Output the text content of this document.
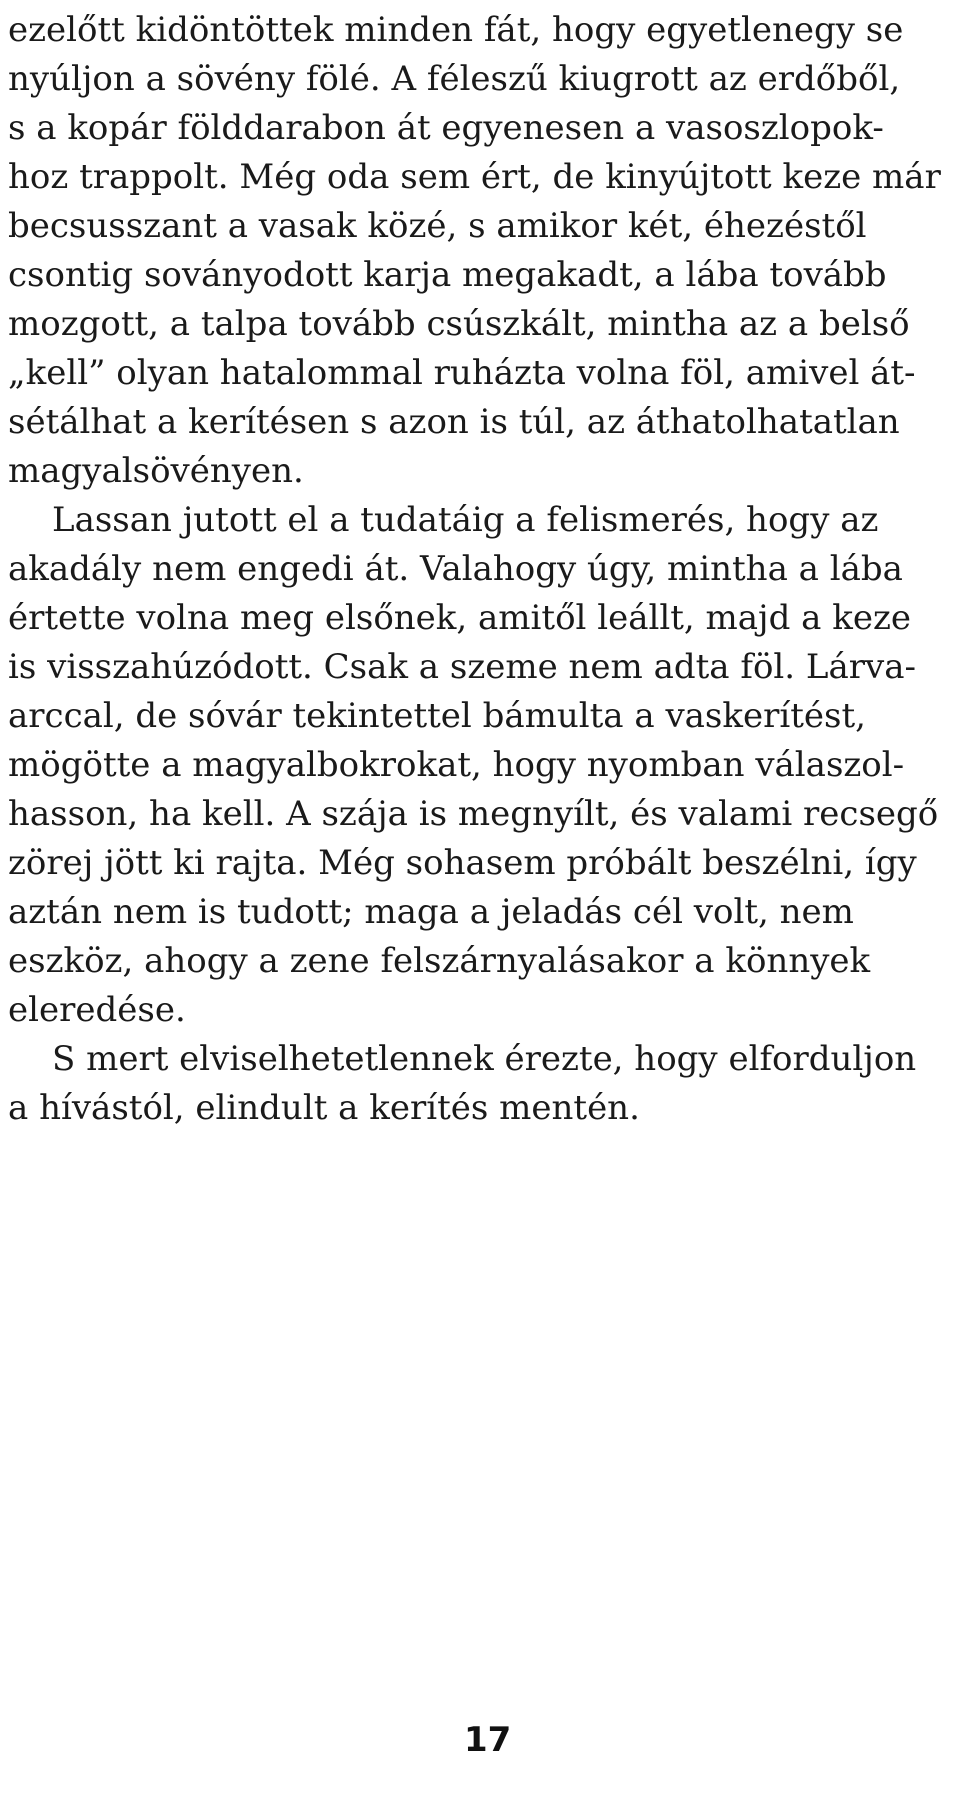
ezelőtt kidöntöttek minden fát, hogy egyetlenegy se
nyúljon a sövény fölé. A féleszű kiugrott az erdőből,
s a kopár földdarabon át egyenesen a vasoszlopok-
hoz trappolt. Még oda sem ért, de kinyújtott keze már
becsusszant a vasak közé, s amikor két, éhezéstől
csontig soványodott karja megakadt, a lába tovább
mozgott, a talpa tovább csúszkált, mintha az a belső
„kell” olyan hatalommal ruházta volna föl, amivel át-
sétálhat a kerítésen s azon is túl, az áthatolhatatlan
magyalsövényen.
Lassan jutott el a tudatáig a felismerés, hogy az
akadály nem engedi át. Valahogy úgy, mintha a lába
értette volna meg elsőnek, amitől leállt, majd a keze
is visszahúzódott. Csak a szeme nem adta föl. Lárva-
arccal, de sóvár tekintettel bámulta a vaskerítést,
mögötte a magyalbokrokat, hogy nyomban válaszol-
hasson, ha kell. A szája is megnyílt, és valami recsegő
zörej jött ki rajta. Még sohasem próbált beszélni, így
aztán nem is tudott; maga a jeladás cél volt, nem
eszköz, ahogy a zene felszárnyalásakor a könnyek
eleredése.
S mert elviselhetetlennek érezte, hogy elforduljon
a hívástól, elindult a kerítés mentén.
17
